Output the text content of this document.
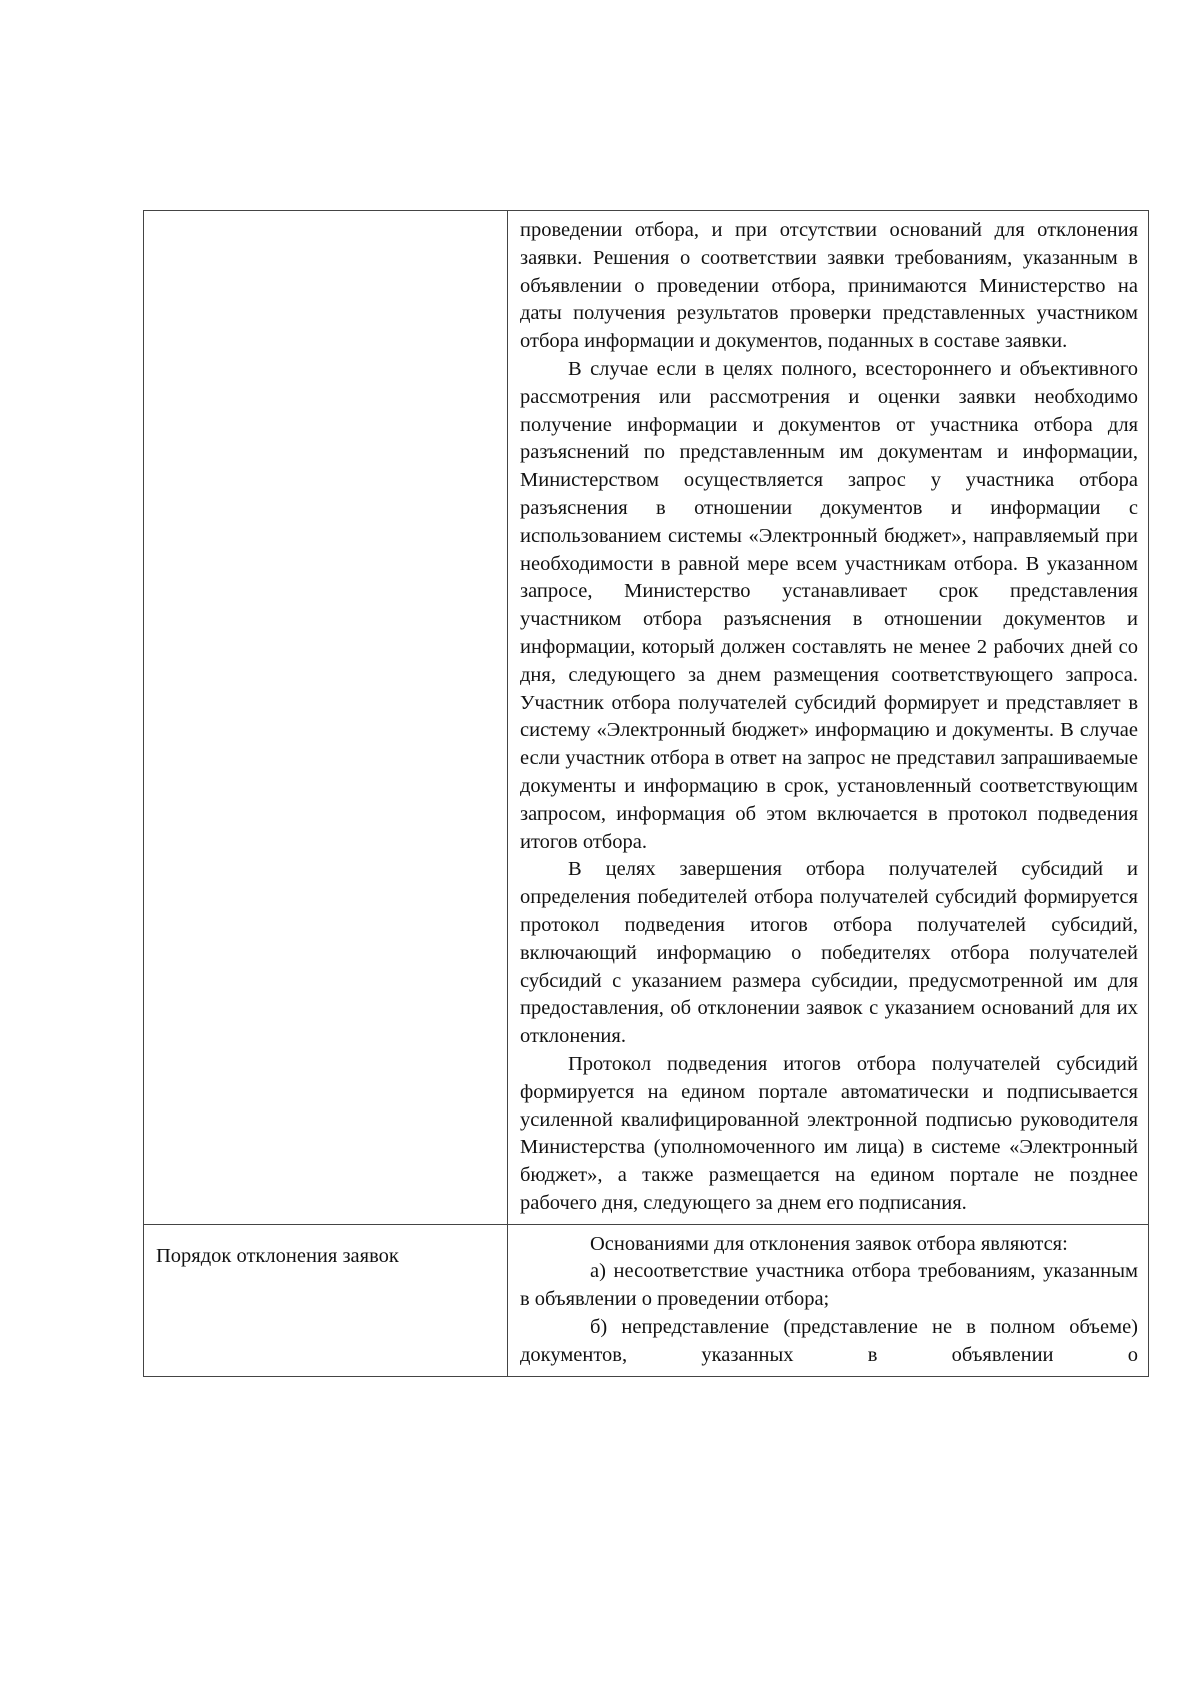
	проведении отбора, и при отсутствии оснований для отклонения заявки. Решения о соответствии заявки требованиям, указанным в объявлении о проведении отбора, принимаются Министерство на даты получения результатов проверки представленных участником отбора информации и документов, поданных в составе заявки.

В случае если в целях полного, всестороннего и объективного рассмотрения или рассмотрения и оценки заявки необходимо получение информации и документов от участника отбора для разъяснений по представленным им документам и информации, Министерством осуществляется запрос у участника отбора разъяснения в отношении документов и информации с использованием системы «Электронный бюджет», направляемый при необходимости в равной мере всем участникам отбора. В указанном запросе, Министерство устанавливает срок представления участником отбора разъяснения в отношении документов и информации, который должен составлять не менее 2 рабочих дней со дня, следующего за днем размещения соответствующего запроса. Участник отбора получателей субсидий формирует и представляет в систему «Электронный бюджет» информацию и документы. В случае если участник отбора в ответ на запрос не представил запрашиваемые документы и информацию в срок, установленный соответствующим запросом, информация об этом включается в протокол подведения итогов отбора.

В целях завершения отбора получателей субсидий и определения победителей отбора получателей субсидий формируется протокол подведения итогов отбора получателей субсидий, включающий информацию о победителях отбора получателей субсидий с указанием размера субсидии, предусмотренной им для предоставления, об отклонении заявок с указанием оснований для их отклонения.

Протокол подведения итогов отбора получателей субсидий формируется на едином портале автоматически и подписывается усиленной квалифицированной электронной подписью руководителя Министерства (уполномоченного им лица) в системе «Электронный бюджет», а также размещается на едином портале не позднее рабочего дня, следующего за днем его подписания.

Порядок отклонения заявок	Основаниями для отклонения заявок отбора являются:

а) несоответствие участника отбора требованиям, указанным в объявлении о проведении отбора;

б) непредставление (представление не в полном объеме) документов, указанных в объявлении о
